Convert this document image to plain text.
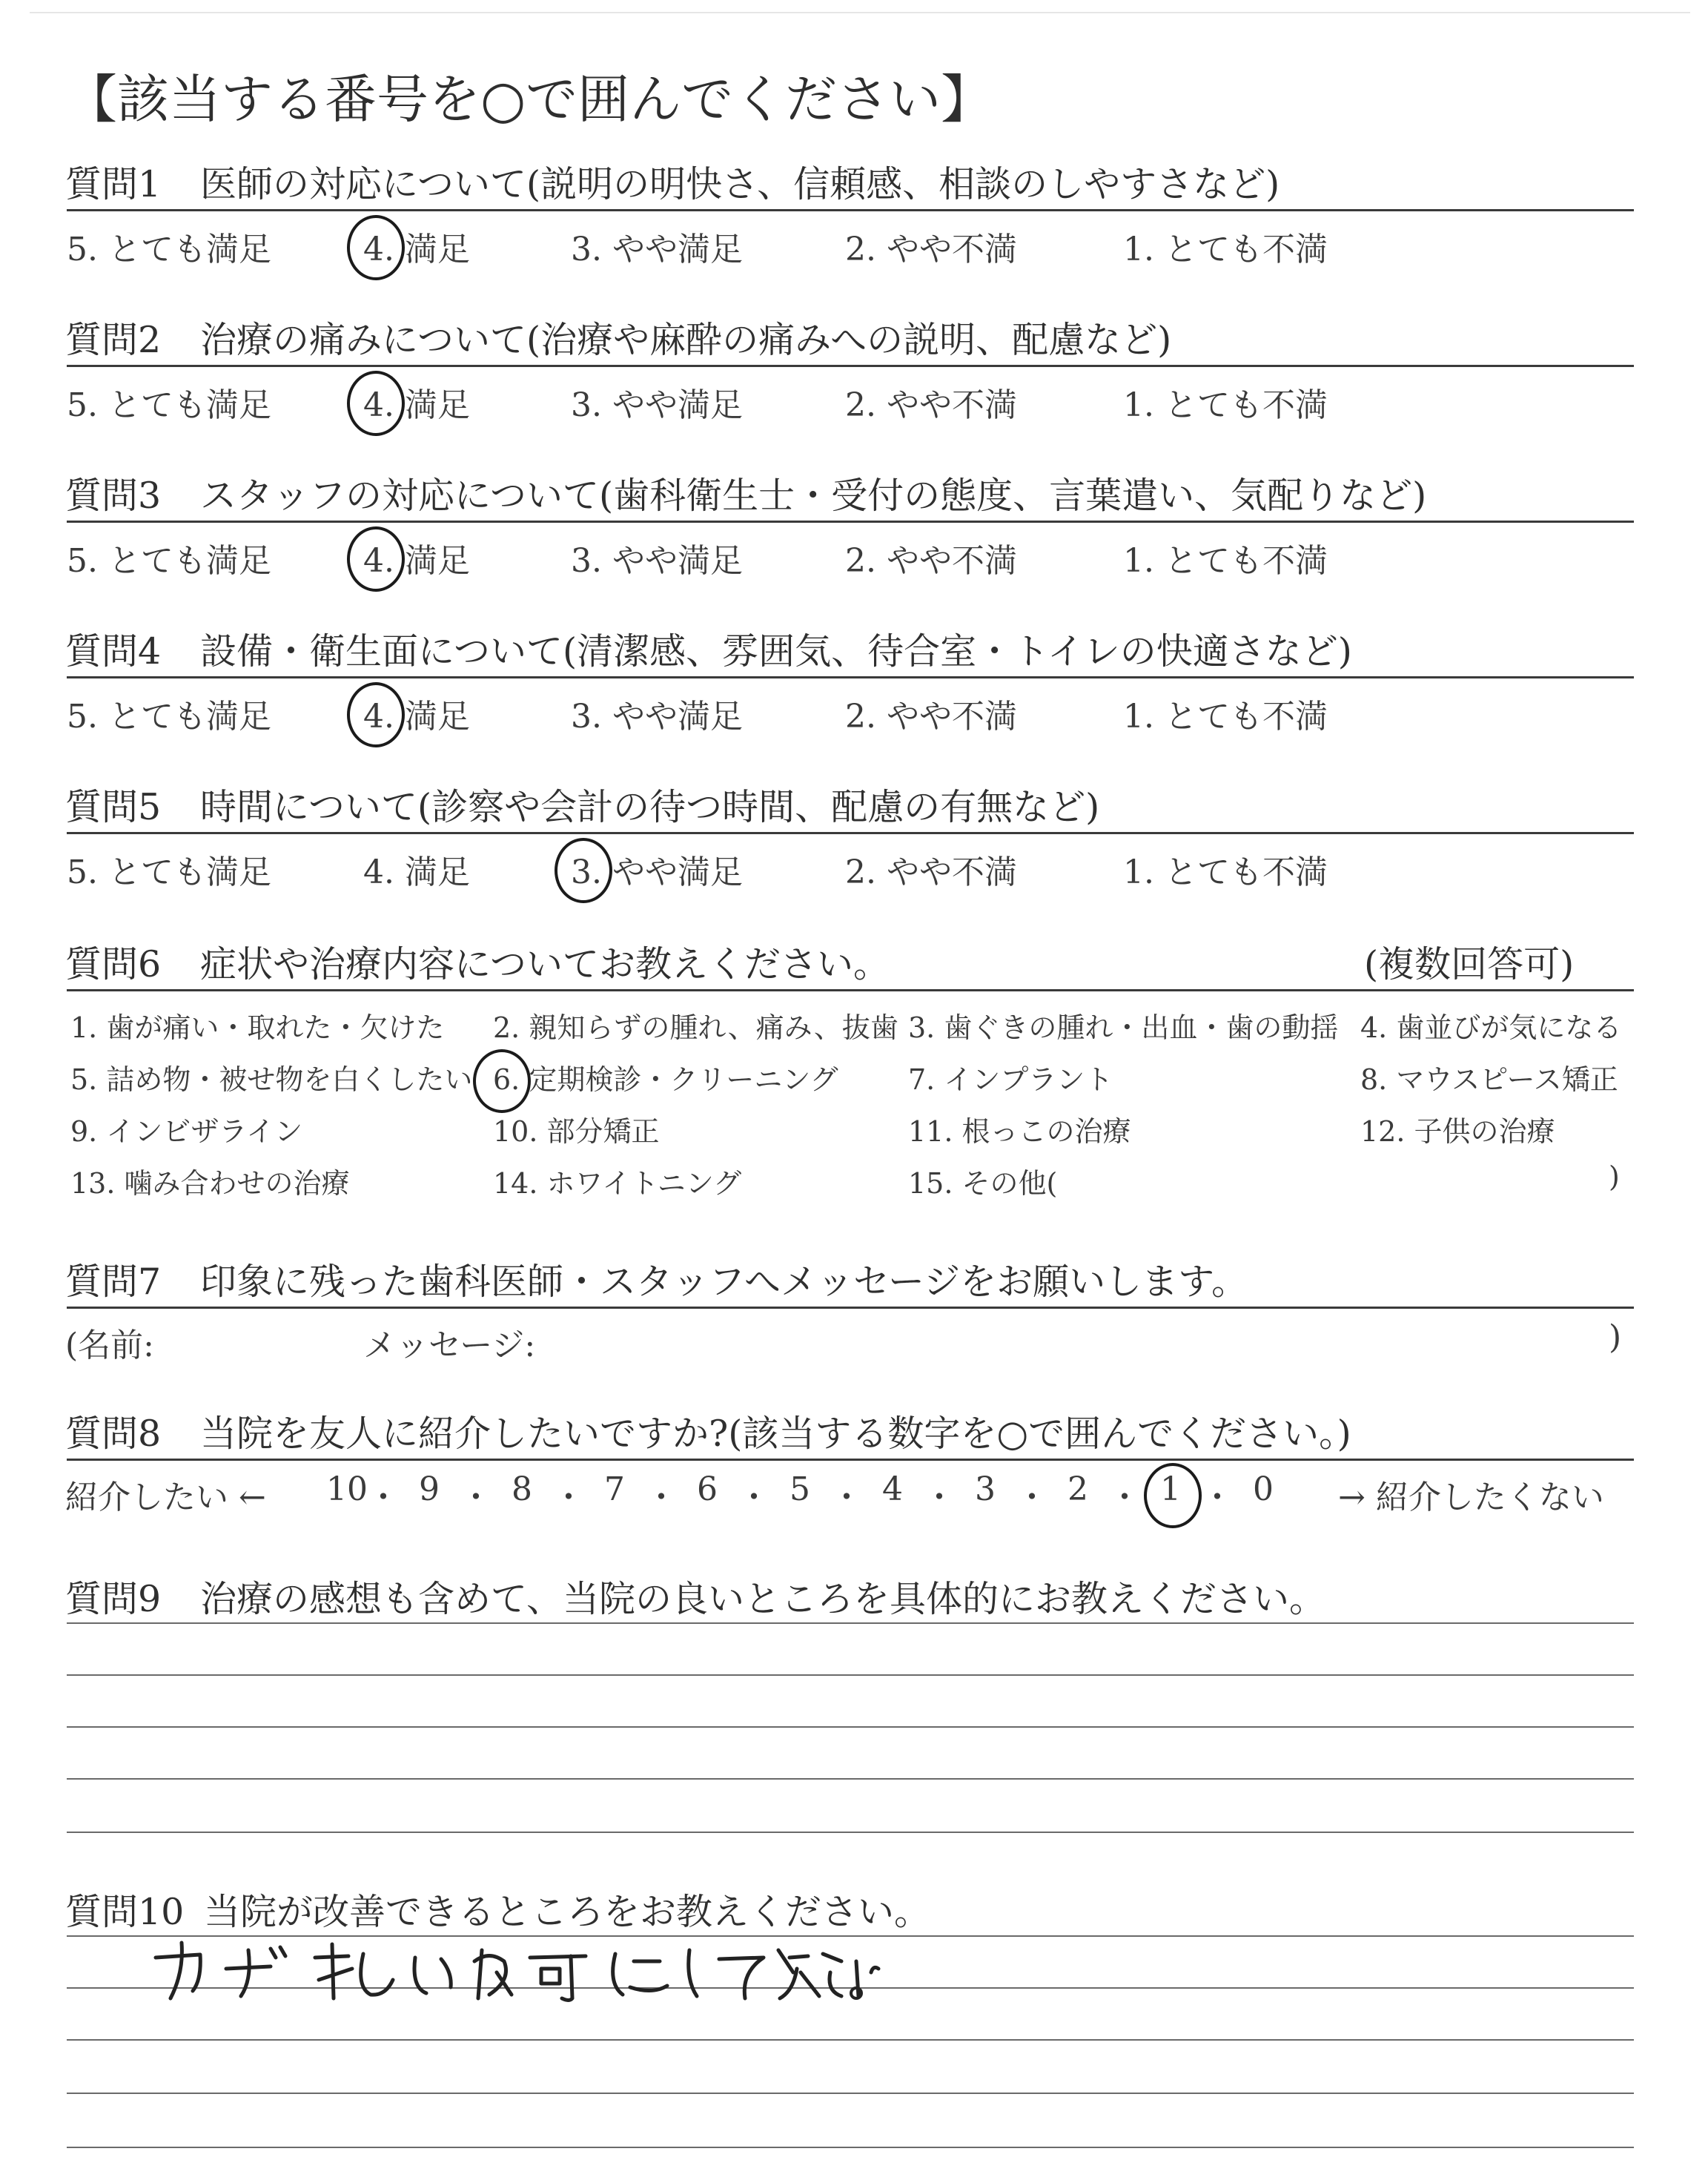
【該当する番号を○で囲んでください】
質問1 医師の対応について(説明の明快さ、信頼感、相談のしやすさなど)
5. とても満足	4. 満足	3. やや満足	2. やや不満	1. とても不満
質問2 治療の痛みについて(治療や麻酔の痛みへの説明、配慮など)
5. とても満足	4. 満足	3. やや満足	2. やや不満	1. とても不満
質問3 スタッフの対応について(歯科衛生士・受付の態度、言葉遣い、気配りなど)
5. とても満足	4. 満足	3. やや満足	2. やや不満	1. とても不満
質問4 設備・衛生面について(清潔感、雰囲気、待合室・トイレの快適さなど)
5. とても満足	4. 満足	3. やや満足	2. やや不満	1. とても不満
質問5 時間について(診察や会計の待つ時間、配慮の有無など)
5. とても満足	4. 満足	3. やや満足	2. やや不満	1. とても不満
質問6 症状や治療内容についてお教えください。	(複数回答可)
1. 歯が痛い・取れた・欠けた 2. 親知らずの腫れ、痛み、抜歯 3. 歯ぐきの腫れ・出血・歯の動揺 4. 歯並びが気になる
5. 詰め物・被せ物を白くしたい 6. 定期検診・クリーニング 7. インプラント	8. マウスピース矯正
9. インビザライン	10. 部分矯正	11. 根っこの治療	12. 子供の治療
13. 噛み合わせの治療	14. ホワイトニング	15. その他(	)
質問7 印象に残った歯科医師・スタッフへメッセージをお願いします。
(名前:	メッセージ:	)
質問8 当院を友人に紹介したいですか?(該当する数字を○で囲んでください。)
紹介したい ← 10 ・ 9 ・ 8 ・ 7 ・ 6 ・ 5 ・ 4 ・ 3 ・ 2 ・ 1 ・ 0 → 紹介したくない
質問9 治療の感想も含めて、当院の良いところを具体的にお教えください。
質問10 当院が改善できるところをお教えください。
